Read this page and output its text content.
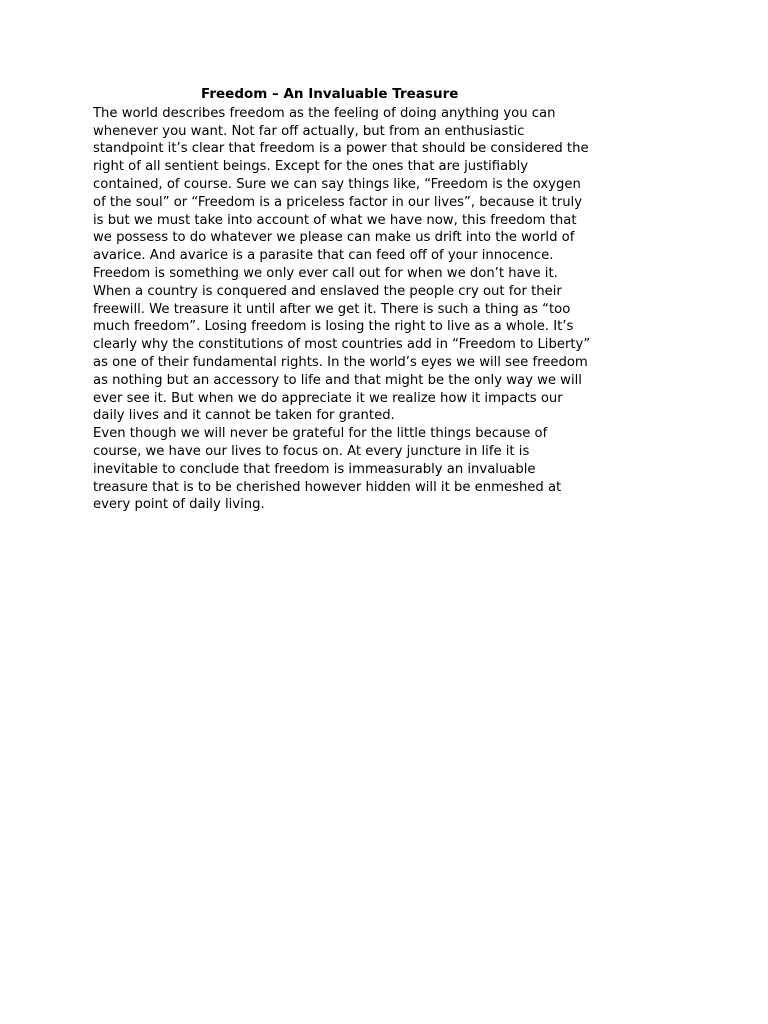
Freedom – An Invaluable Treasure
The world describes freedom as the feeling of doing anything you can
whenever you want. Not far off actually, but from an enthusiastic
standpoint it’s clear that freedom is a power that should be considered the
right of all sentient beings. Except for the ones that are justifiably
contained, of course. Sure we can say things like, “Freedom is the oxygen
of the soul” or “Freedom is a priceless factor in our lives”, because it truly
is but we must take into account of what we have now, this freedom that
we possess to do whatever we please can make us drift into the world of
avarice. And avarice is a parasite that can feed off of your innocence.
Freedom is something we only ever call out for when we don’t have it.
When a country is conquered and enslaved the people cry out for their
freewill. We treasure it until after we get it. There is such a thing as “too
much freedom”. Losing freedom is losing the right to live as a whole. It’s
clearly why the constitutions of most countries add in “Freedom to Liberty”
as one of their fundamental rights. In the world’s eyes we will see freedom
as nothing but an accessory to life and that might be the only way we will
ever see it. But when we do appreciate it we realize how it impacts our
daily lives and it cannot be taken for granted.
Even though we will never be grateful for the little things because of
course, we have our lives to focus on. At every juncture in life it is
inevitable to conclude that freedom is immeasurably an invaluable
treasure that is to be cherished however hidden will it be enmeshed at
every point of daily living.
